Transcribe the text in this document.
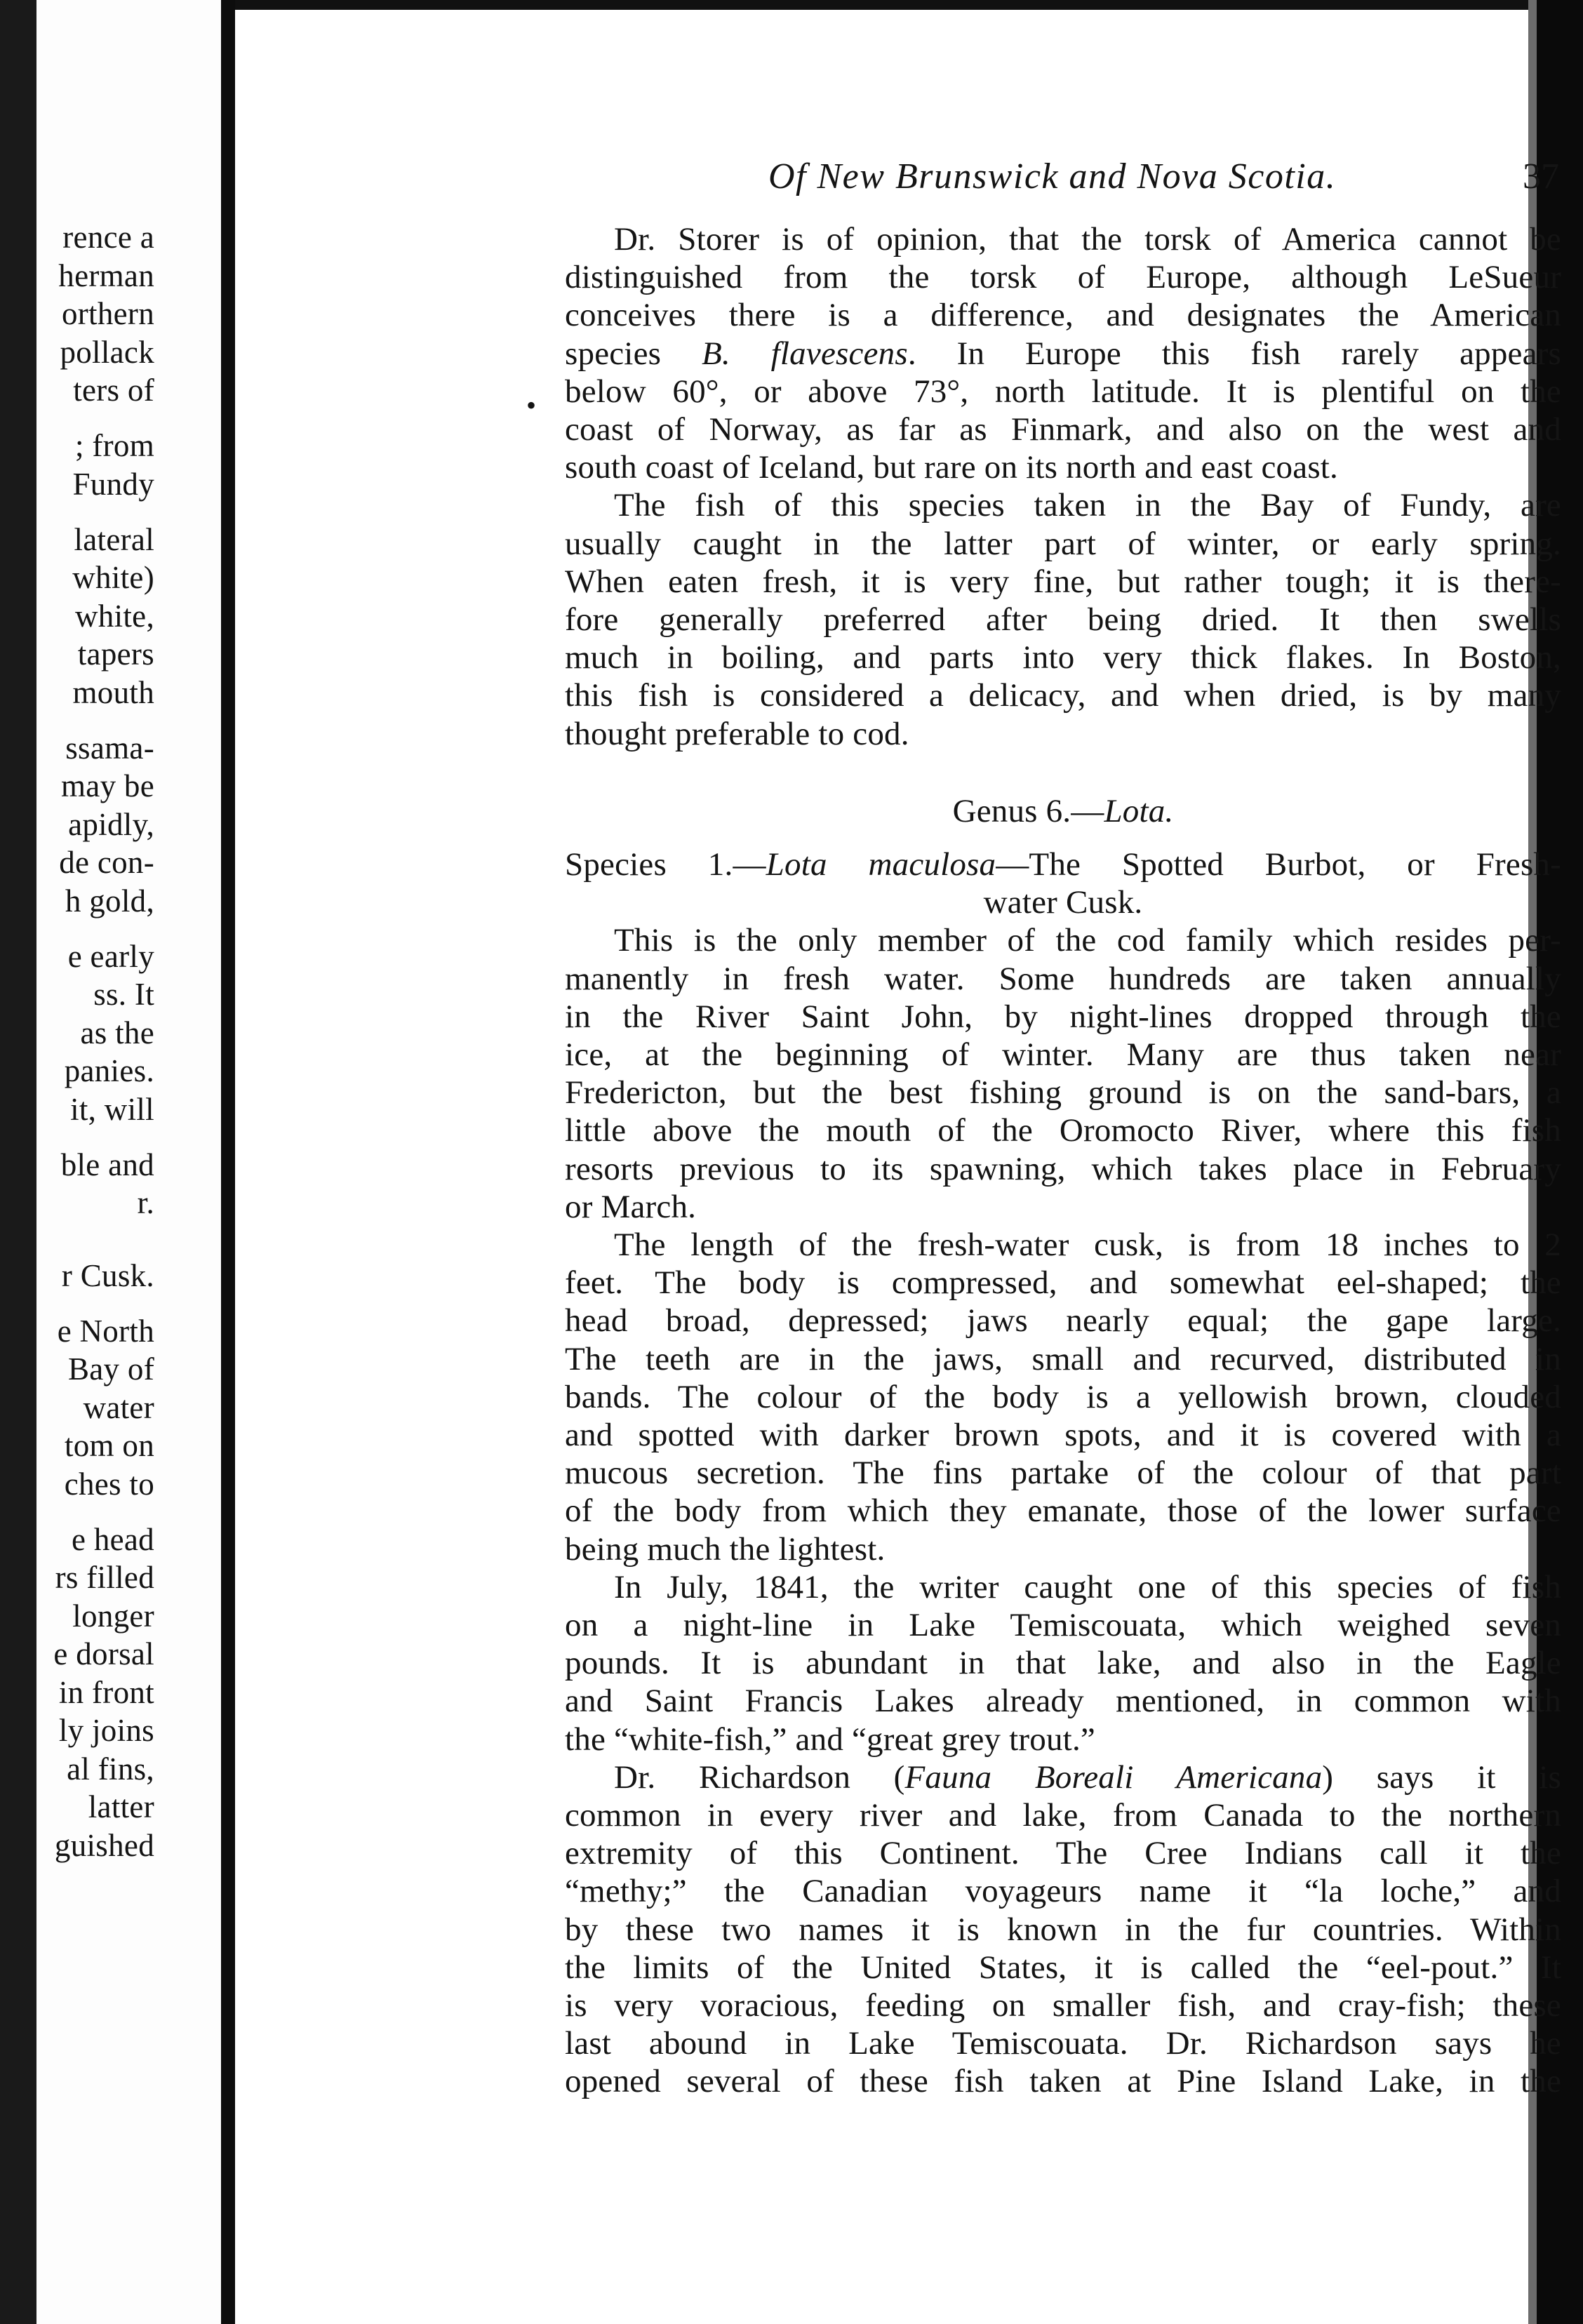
rence a
herman
orthern
pollack
ters of
; from
Fundy
lateral
white)
white,
tapers
mouth
ssama-
may be
apidly,
de con-
h gold,
e early
ss. It
as the
panies.
it, will
ble and
r.
r Cusk.
e North
Bay of
water
tom on
ches to
e head
rs filled
longer
e dorsal
in front
ly joins
al fins,
latter
guished
Of New Brunswick and Nova Scotia.	37
•
Dr. Storer is of opinion, that the torsk of America cannot be
distinguished from the torsk of Europe, although LeSueur
conceives there is a difference, and designates the American
species B. flavescens. In Europe this fish rarely appears
below 60°, or above 73°, north latitude. It is plentiful on the
coast of Norway, as far as Finmark, and also on the west and
south coast of Iceland, but rare on its north and east coast.
The fish of this species taken in the Bay of Fundy, are
usually caught in the latter part of winter, or early spring.
When eaten fresh, it is very fine, but rather tough; it is there-
fore generally preferred after being dried. It then swells
much in boiling, and parts into very thick flakes. In Boston,
this fish is considered a delicacy, and when dried, is by many
thought preferable to cod.
Genus 6.—Lota.
Species 1.—Lota maculosa—The Spotted Burbot, or Fresh-
water Cusk.
This is the only member of the cod family which resides per-
manently in fresh water. Some hundreds are taken annually
in the River Saint John, by night-lines dropped through the
ice, at the beginning of winter. Many are thus taken near
Fredericton, but the best fishing ground is on the sand-bars, a
little above the mouth of the Oromocto River, where this fish
resorts previous to its spawning, which takes place in February
or March.
The length of the fresh-water cusk, is from 18 inches to 2
feet. The body is compressed, and somewhat eel-shaped; the
head broad, depressed; jaws nearly equal; the gape large.
The teeth are in the jaws, small and recurved, distributed in
bands. The colour of the body is a yellowish brown, clouded
and spotted with darker brown spots, and it is covered with a
mucous secretion. The fins partake of the colour of that part
of the body from which they emanate, those of the lower surface
being much the lightest.
In July, 1841, the writer caught one of this species of fish
on a night-line in Lake Temiscouata, which weighed seven
pounds. It is abundant in that lake, and also in the Eagle
and Saint Francis Lakes already mentioned, in common with
the “white-fish,” and “great grey trout.”
Dr. Richardson (Fauna Boreali Americana) says it is
common in every river and lake, from Canada to the northern
extremity of this Continent. The Cree Indians call it the
“methy;” the Canadian voyageurs name it “la loche,” and
by these two names it is known in the fur countries. Within
the limits of the United States, it is called the “eel-pout.” It
is very voracious, feeding on smaller fish, and cray-fish; these
last abound in Lake Temiscouata. Dr. Richardson says he
opened several of these fish taken at Pine Island Lake, in the
